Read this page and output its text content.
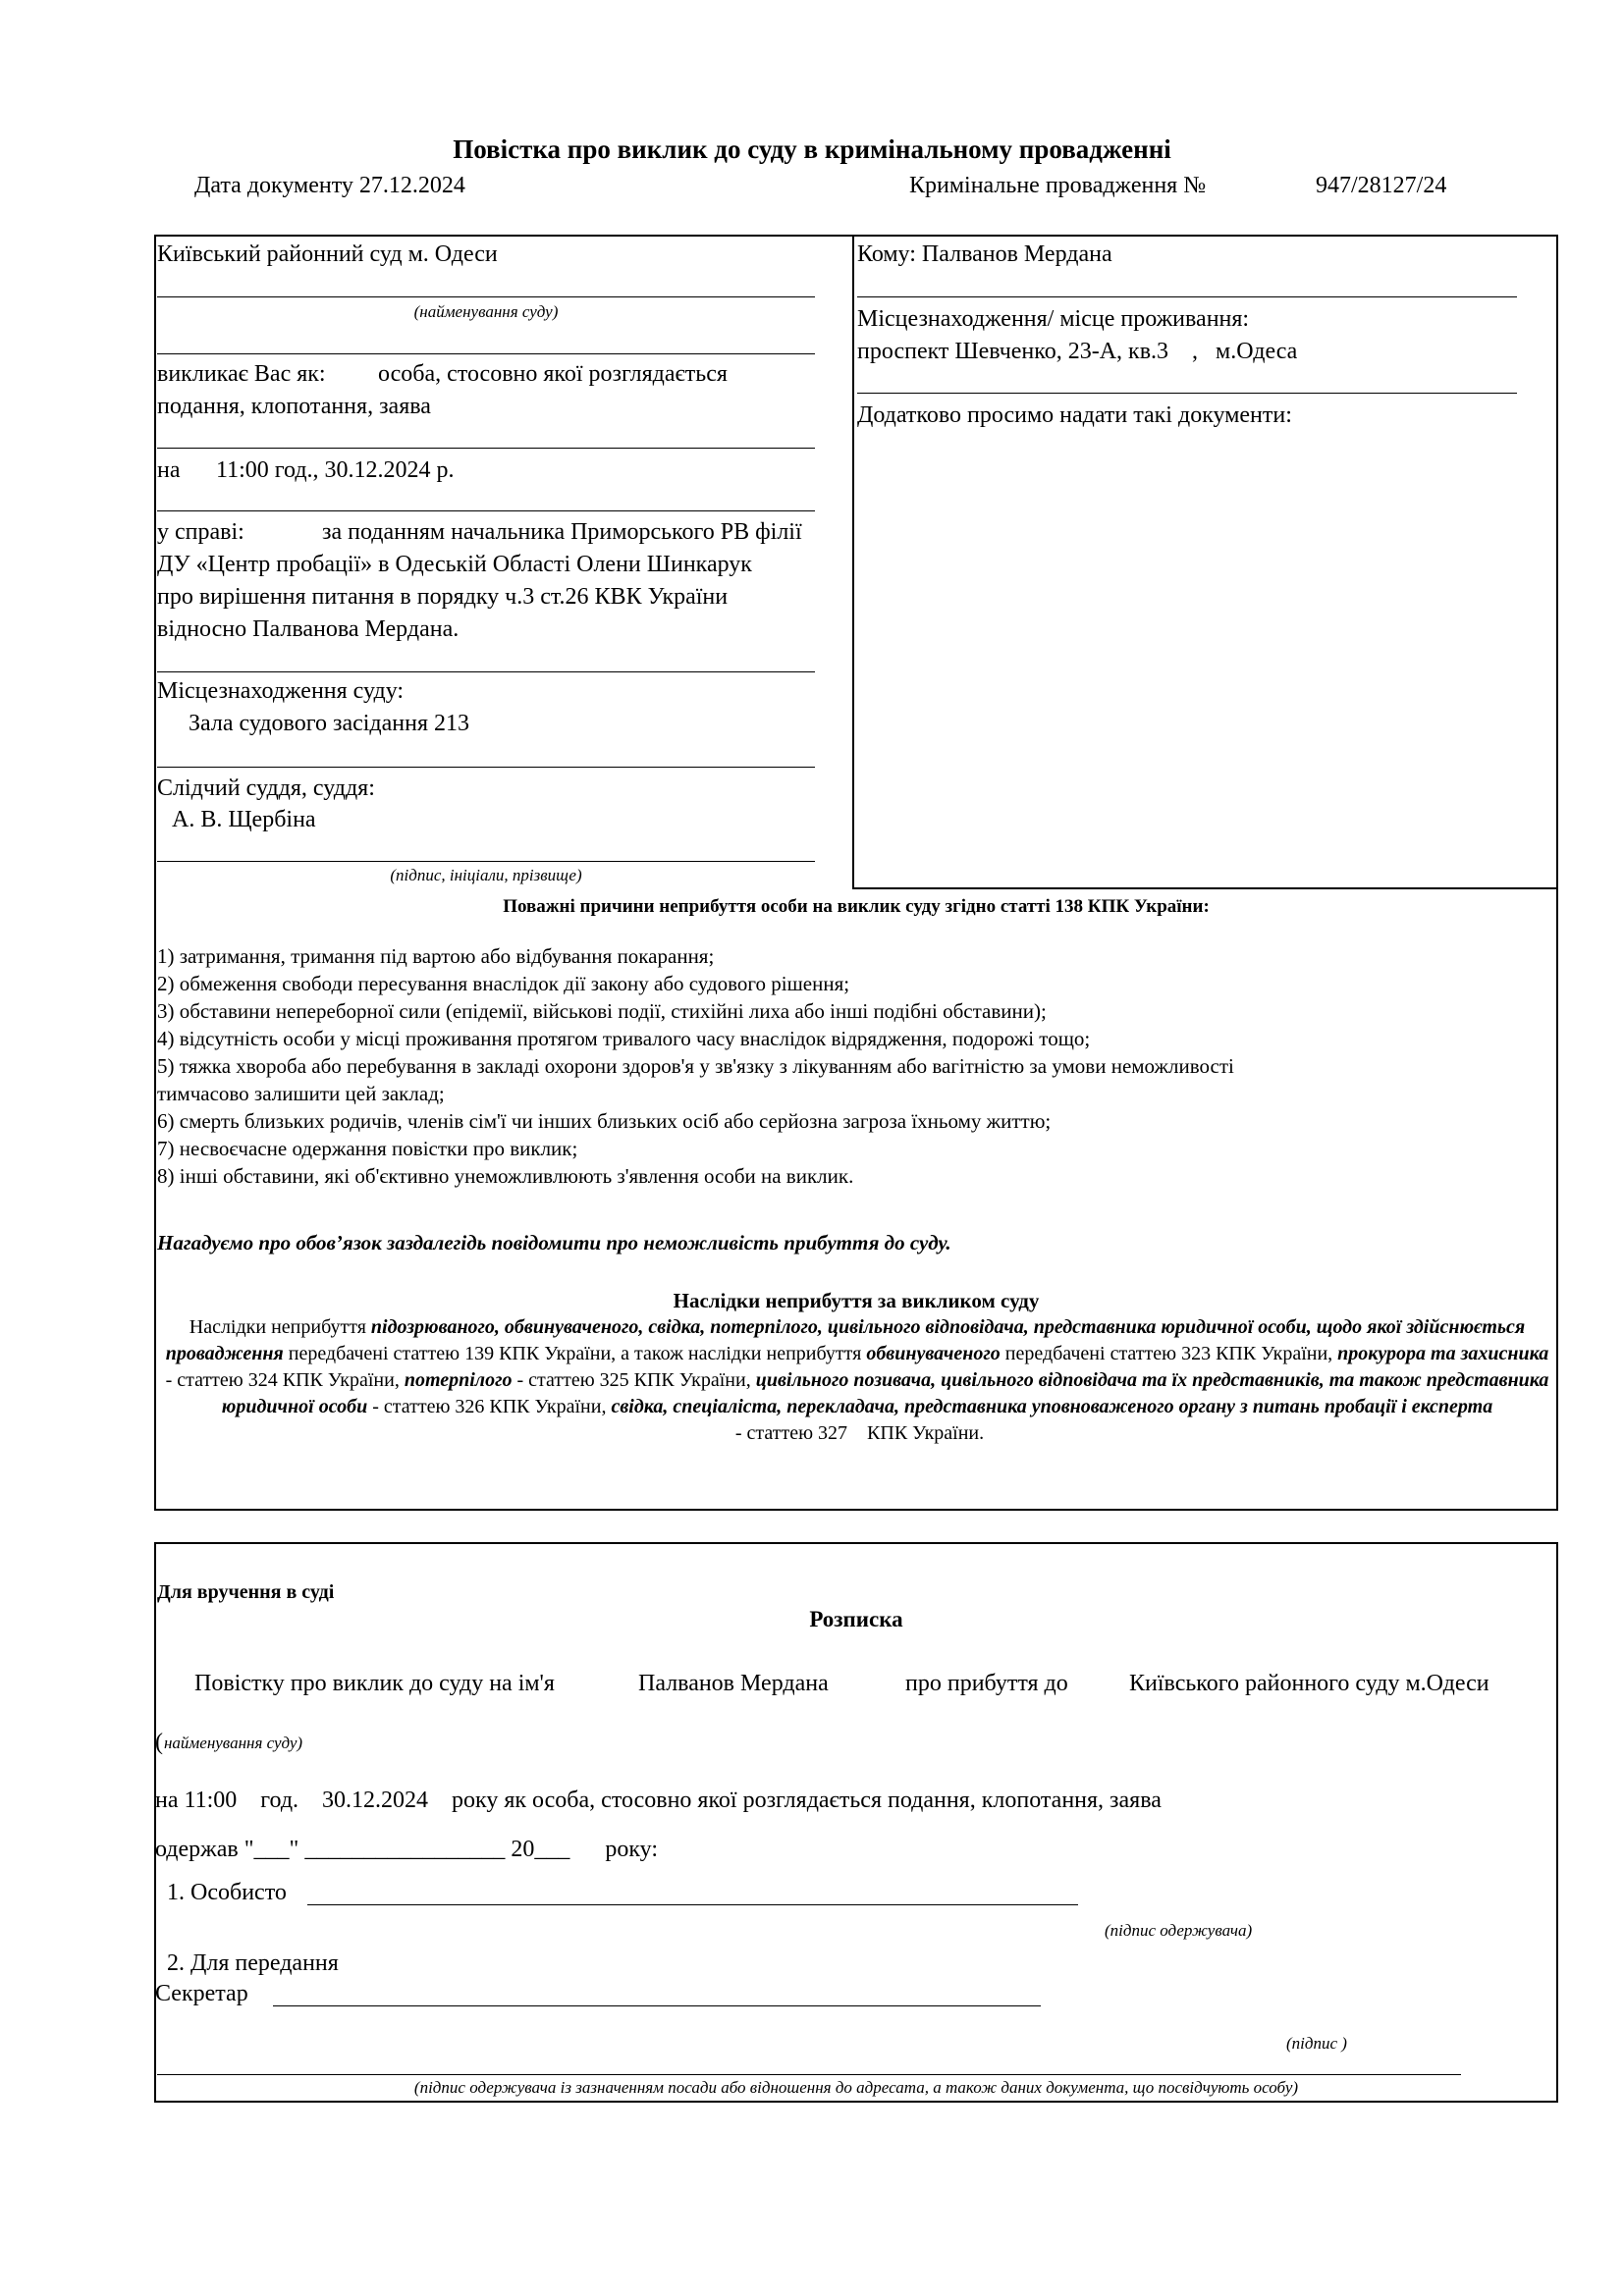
Повістка про виклик до суду в кримінальному провадженні
Дата документу 27.12.2024	Кримінальне провадження №	947/28127/24
Київський районний суд м. Одеси
(найменування суду)
викликає Вас як: особа, стосовно якої розглядається
подання, клопотання, заява
на 11:00 год., 30.12.2024 р.
у справі:	за поданням начальника Приморського РВ філії
ДУ «Центр пробації» в Одеській Області Олени Шинкарук
про вирішення питання в порядку ч.3 ст.26 КВК України
відносно Палванова Мердана.
Місцезнаходження суду:
Зала судового засідання 213
Слідчий суддя, суддя:
А. В. Щербіна
(підпис, ініціали, прізвище)
Кому: Палванов Мердана
Місцезнаходження/ місце проживання:
проспект Шевченко, 23-А, кв.3    ,   м.Одеса
Додатково просимо надати такі документи:
Поважні причини неприбуття особи на виклик суду згідно статті 138 КПК України:
1) затримання, тримання під вартою або відбування покарання;
2) обмеження свободи пересування внаслідок дії закону або судового рішення;
3) обставини непереборної сили (епідемії, військові події, стихійні лиха або інші подібні обставини);
4) відсутність особи у місці проживання протягом тривалого часу внаслідок відрядження, подорожі тощо;
5) тяжка хвороба або перебування в закладі охорони здоров'я у зв'язку з лікуванням або вагітністю за умови неможливості
тимчасово залишити цей заклад;
6) смерть близьких родичів, членів сім'ї чи інших близьких осіб або серйозна загроза їхньому життю;
7) несвоєчасне одержання повістки про виклик;
8) інші обставини, які об'єктивно унеможливлюють з'явлення особи на виклик.
Нагадуємо про обов’язок заздалегідь повідомити про неможливість прибуття до суду.
Наслідки неприбуття за викликом суду
Наслідки неприбуття підозрюваного, обвинуваченого, свідка, потерпілого, цивільного відповідача, представника юридичної особи, щодо якої здійснюється провадження передбачені статтею 139 КПК України, а також наслідки неприбуття обвинуваченого передбачені статтею 323 КПК України, прокурора та захисника - статтею 324 КПК України, потерпілого - статтею 325 КПК України, цивільного позивача, цивільного відповідача та їх представників, та також представника юридичної особи - статтею 326 КПК України, свідка, спеціаліста, перекладача, представника уповноваженого органу з питань пробації і експерта - статтею 327    КПК України.
Для вручення в суді
Розписка
Повістку про виклик до суду на ім'я	Палванов Мердана	про прибуття до	Київського районного суду м.Одеси
( найменування суду)
на 11:00    год.    30.12.2024    року як особа, стосовно якої розглядається подання, клопотання, заява
одержав "___" _________________ 20___      року:
1. Особисто
(підпис одержувача)
2. Для передання
Секретар
(підпис )
(підпис одержувача із зазначенням посади або відношення до адресата, а також даних документа, що посвідчують особу)
